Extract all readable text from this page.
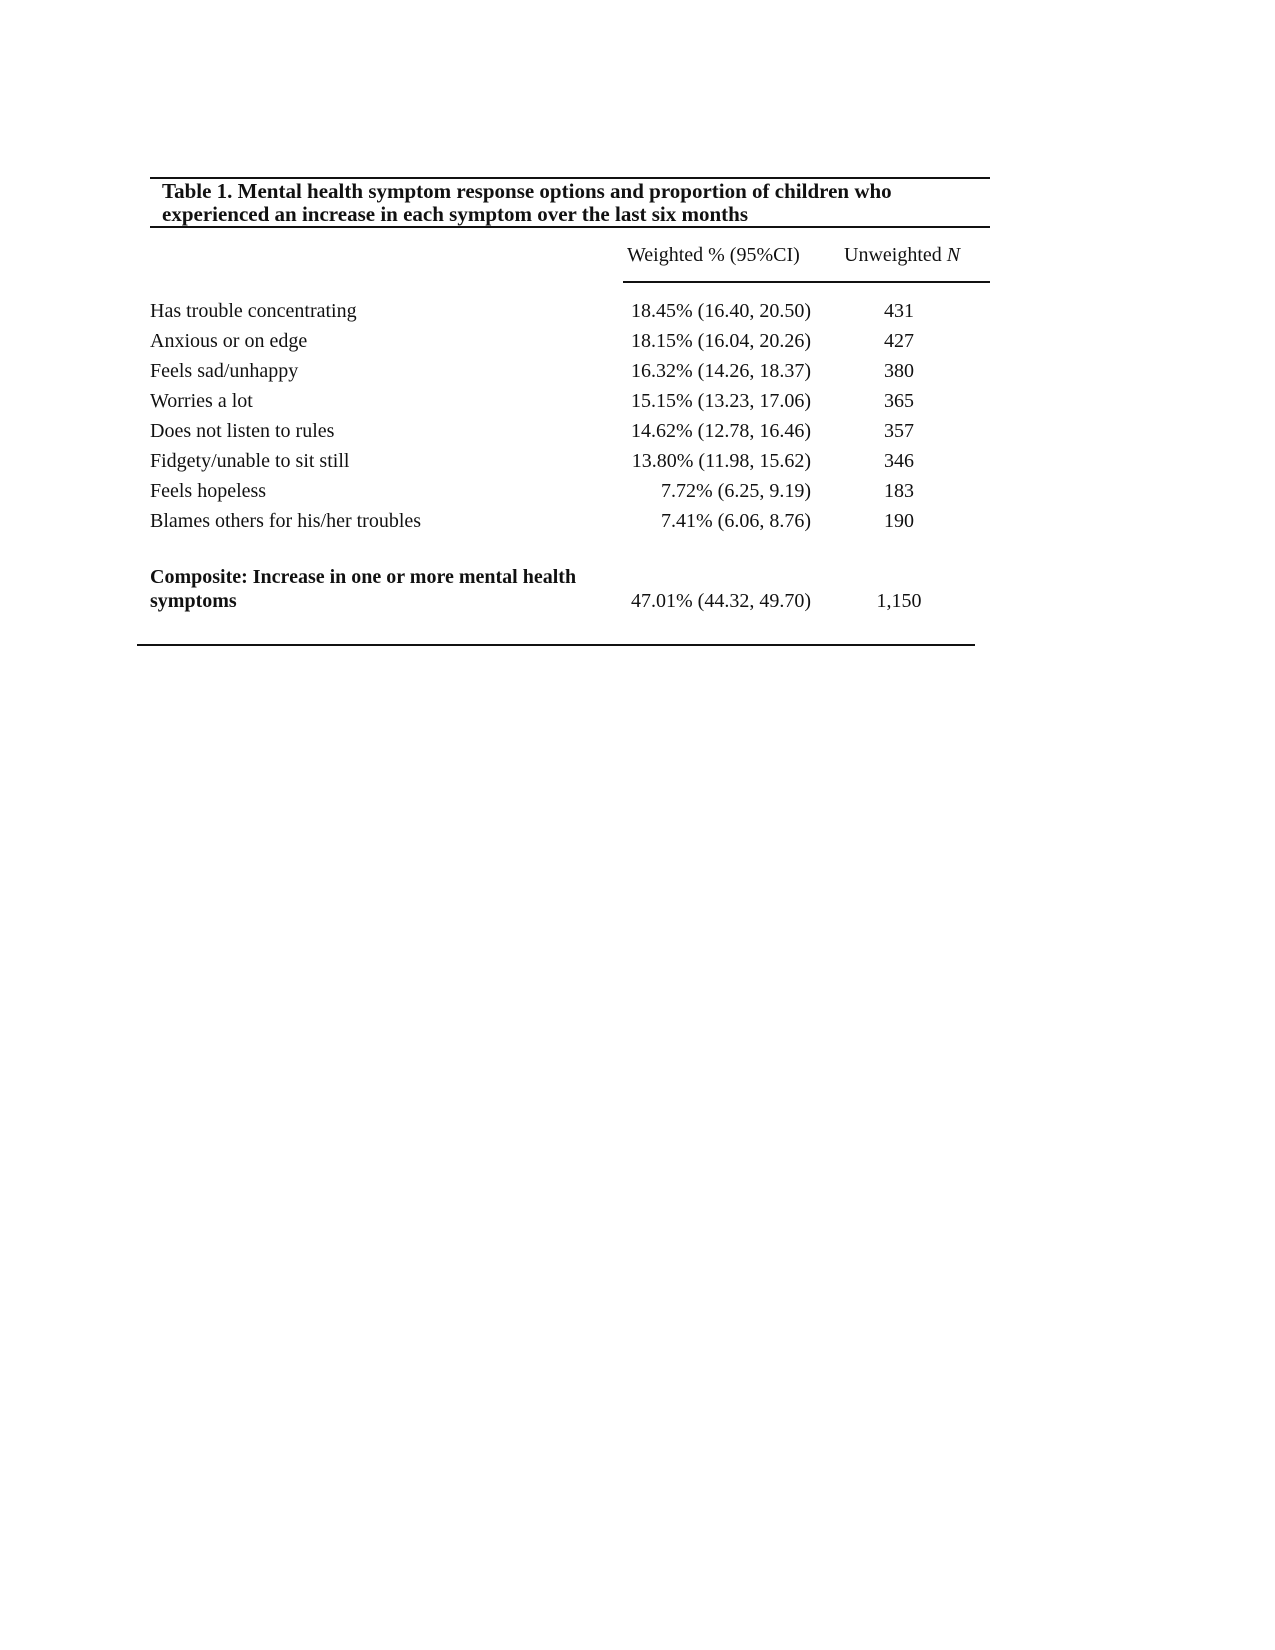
Table 1. Mental health symptom response options and proportion of children who
experienced an increase in each symptom over the last six months
Weighted % (95%CI) Unweighted N
Has trouble concentrating	18.45% (16.40, 20.50)	431
Anxious or on edge	18.15% (16.04, 20.26)	427
Feels sad/unhappy	16.32% (14.26, 18.37)	380
Worries a lot	15.15% (13.23, 17.06)	365
Does not listen to rules	14.62% (12.78, 16.46)	357
Fidgety/unable to sit still	13.80% (11.98, 15.62)	346
Feels hopeless	7.72% (6.25, 9.19)	183
Blames others for his/her troubles	7.41% (6.06, 8.76)	190
Composite: Increase in one or more mental health
symptoms	47.01% (44.32, 49.70)	1,150
